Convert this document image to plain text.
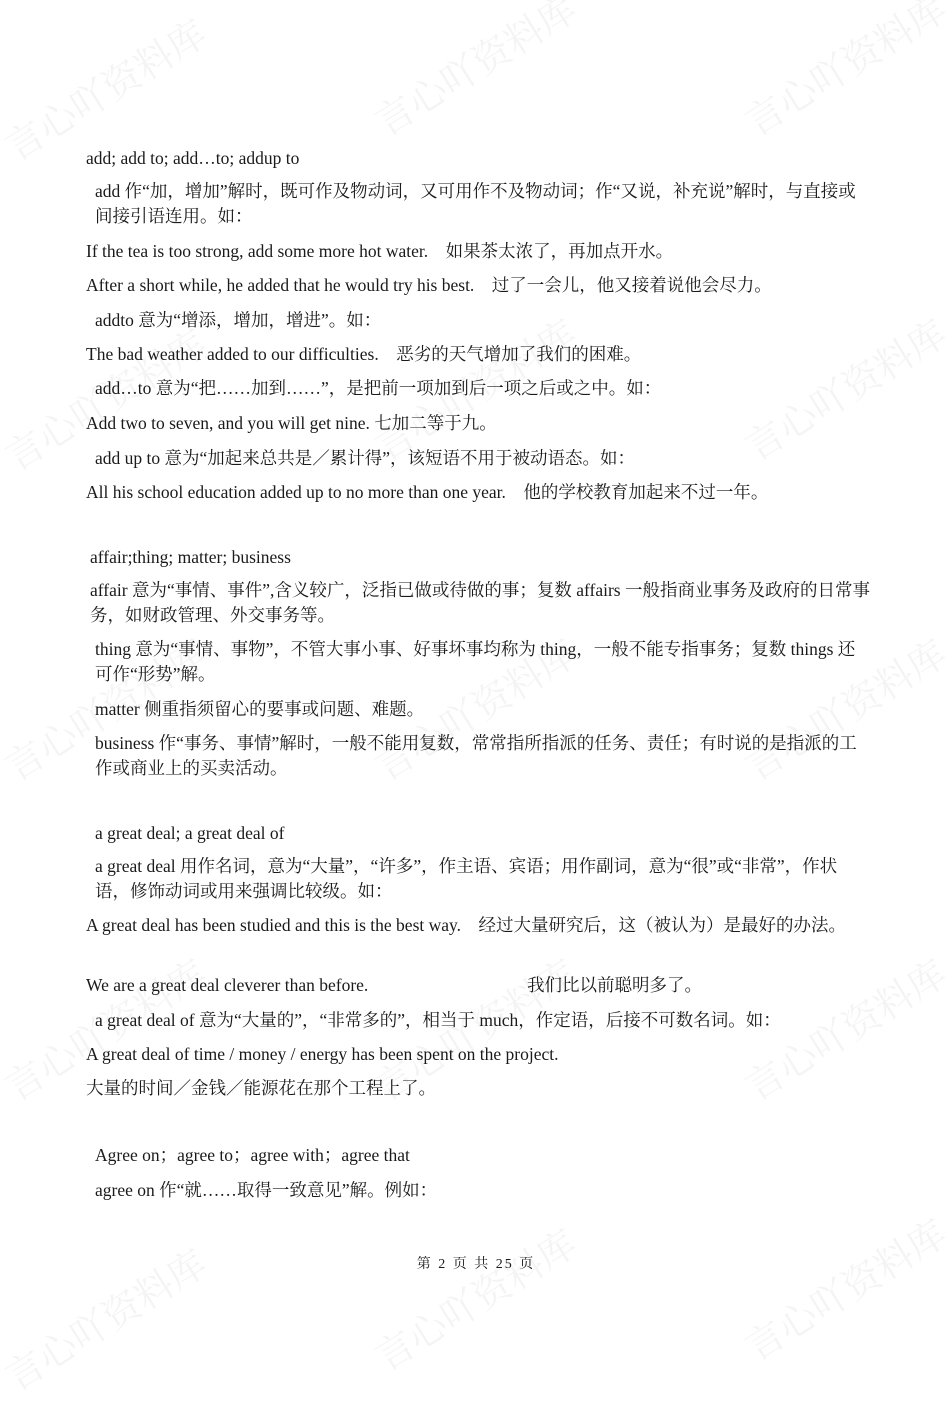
add; add to; add…to; addup to
add 作“加，增加”解时，既可作及物动词，又可用作不及物动词；作“又说，补充说”解时，与直接或间接引语连用。如：
If the tea is too strong, add some more hot water.　如果茶太浓了，再加点开水。
After a short while, he added that he would try his best.　过了一会儿，他又接着说他会尽力。
addto 意为“增添，增加，增进”。如：
The bad weather added to our difficulties.　恶劣的天气增加了我们的困难。
add…to 意为“把……加到……”，是把前一项加到后一项之后或之中。如：
Add two to seven, and you will get nine. 七加二等于九。
add up to 意为“加起来总共是／累计得”，该短语不用于被动语态。如：
All his school education added up to no more than one year.　他的学校教育加起来不过一年。
affair;thing; matter; business
affair 意为“事情、事件”,含义较广，泛指已做或待做的事；复数 affairs 一般指商业事务及政府的日常事务，如财政管理、外交事务等。
thing 意为“事情、事物”，不管大事小事、好事坏事均称为 thing，一般不能专指事务；复数 things 还可作“形势”解。
matter 侧重指须留心的要事或问题、难题。
business 作“事务、事情”解时，一般不能用复数，常常指所指派的任务、责任；有时说的是指派的工作或商业上的买卖活动。
a great deal; a great deal of
a great deal 用作名词，意为“大量”，“许多”，作主语、宾语；用作副词，意为“很”或“非常”，作状语，修饰动词或用来强调比较级。如：
A great deal has been studied and this is the best way.　经过大量研究后，这（被认为）是最好的办法。
We are a great deal cleverer than before.	我们比以前聪明多了。
a great deal of 意为“大量的”，“非常多的”，相当于 much，作定语，后接不可数名词。如：
A great deal of time / money / energy has been spent on the project.
大量的时间／金钱／能源花在那个工程上了。
Agree on；agree to；agree with；agree that
agree on 作“就……取得一致意见”解。例如：
第 2 页 共 25 页
